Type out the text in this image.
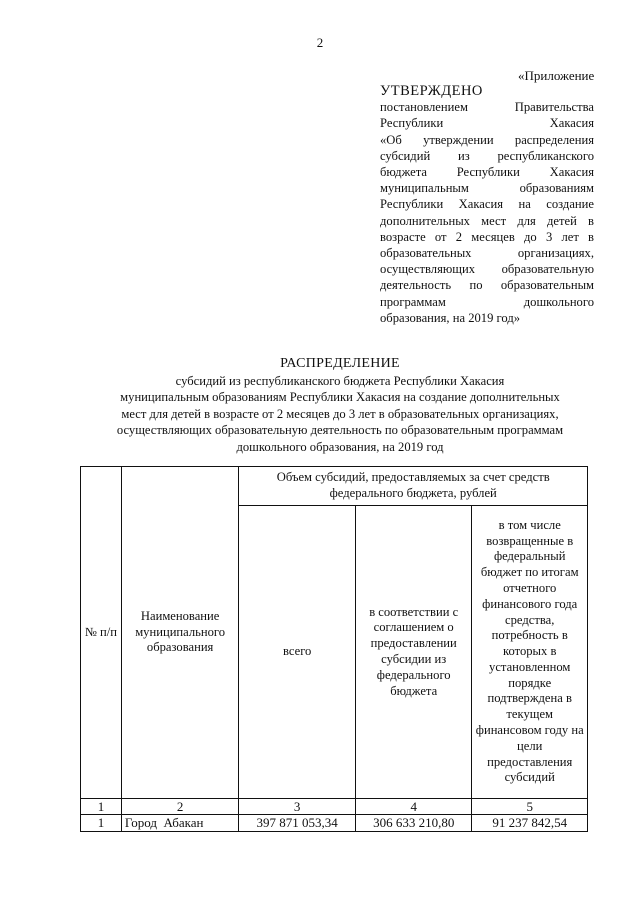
2
«Приложение
УТВЕРЖДЕНО
постановлением Правительства
Республики Хакасия
«Об утверждении распределения
субсидий из республиканского
бюджета Республики Хакасия
муниципальным образованиям
Республики Хакасия на создание
дополнительных мест для детей в
возрасте от 2 месяцев до 3 лет в
образовательных организациях,
осуществляющих образовательную
деятельность по образовательным
программам дошкольного
образования, на 2019 год»
РАСПРЕДЕЛЕНИЕ
субсидий из республиканского бюджета Республики Хакасия
муниципальным образованиям Республики Хакасия на создание дополнительных
мест для детей в возрасте от 2 месяцев до 3 лет в образовательных организациях,
осуществляющих образовательную деятельность по образовательным программам
дошкольного образования, на 2019 год
№ п/п	Наименование муниципального образования	Объем субсидий, предоставляемых за счет средств федерального бюджета, рублей		
		всего	в соответствии с соглашением о предоставлении субсидии из федерального бюджета	в том числе возвращенные в федеральный бюджет по итогам отчетного финансового года средства, потребность в которых в установленном порядке подтверждена в текущем финансовом году на цели предоставления субсидий
1	2	3	4	5
1	Город  Абакан	397 871 053,34	306 633 210,80	91 237 842,54
